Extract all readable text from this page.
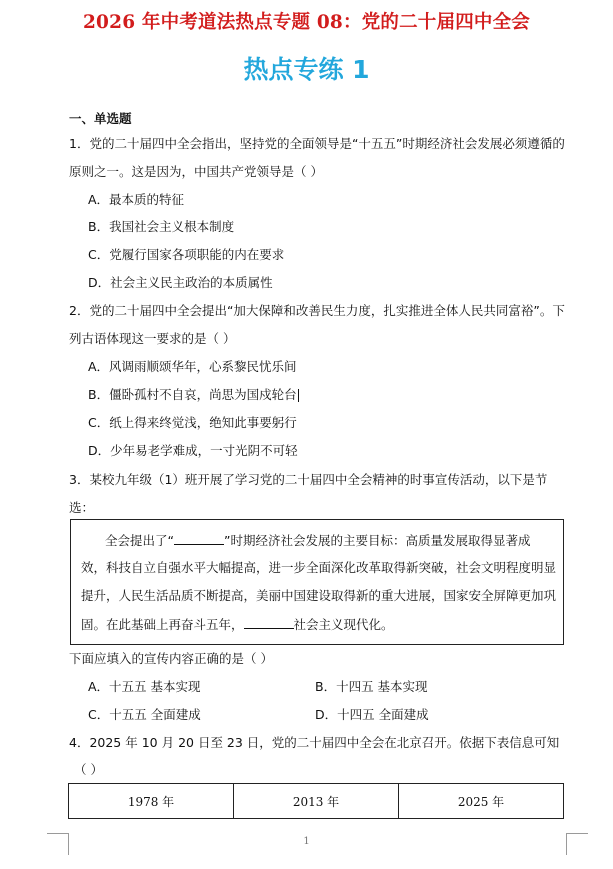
2026 年中考道法热点专题 08：党的二十届四中全会
热点专练 1
一、单选题
1．党的二十届四中全会指出，坚持党的全面领导是“十五五”时期经济社会发展必须遵循的
原则之一。这是因为，中国共产党领导是（ ）
A．最本质的特征
B．我国社会主义根本制度
C．党履行国家各项职能的内在要求
D．社会主义民主政治的本质属性
2．党的二十届四中全会提出“加大保障和改善民生力度，扎实推进全体人民共同富裕”。下
列古语体现这一要求的是（ ）
A．风调雨顺颂华年，心系黎民忧乐间
B．僵卧孤村不自哀，尚思为国戍轮台
C．纸上得来终觉浅，绝知此事要躬行
D．少年易老学难成，一寸光阴不可轻
3．某校九年级（1）班开展了学习党的二十届四中全会精神的时事宣传活动，以下是节
选：
全会提出了“	”时期经济社会发展的主要目标：高质量发展取得显著成
效，科技自立自强水平大幅提高，进一步全面深化改革取得新突破，社会文明程度明显
提升，人民生活品质不断提高，美丽中国建设取得新的重大进展，国家安全屏障更加巩
固。在此基础上再奋斗五年，	社会主义现代化。
下面应填入的宣传内容正确的是（ ）
A．十五五 基本实现	B．十四五 基本实现
C．十五五 全面建成	D．十四五 全面建成
4．2025 年 10 月 20 日至 23 日，党的二十届四中全会在北京召开。依据下表信息可知
（ ）
1978 年	2013 年	2025 年
1
